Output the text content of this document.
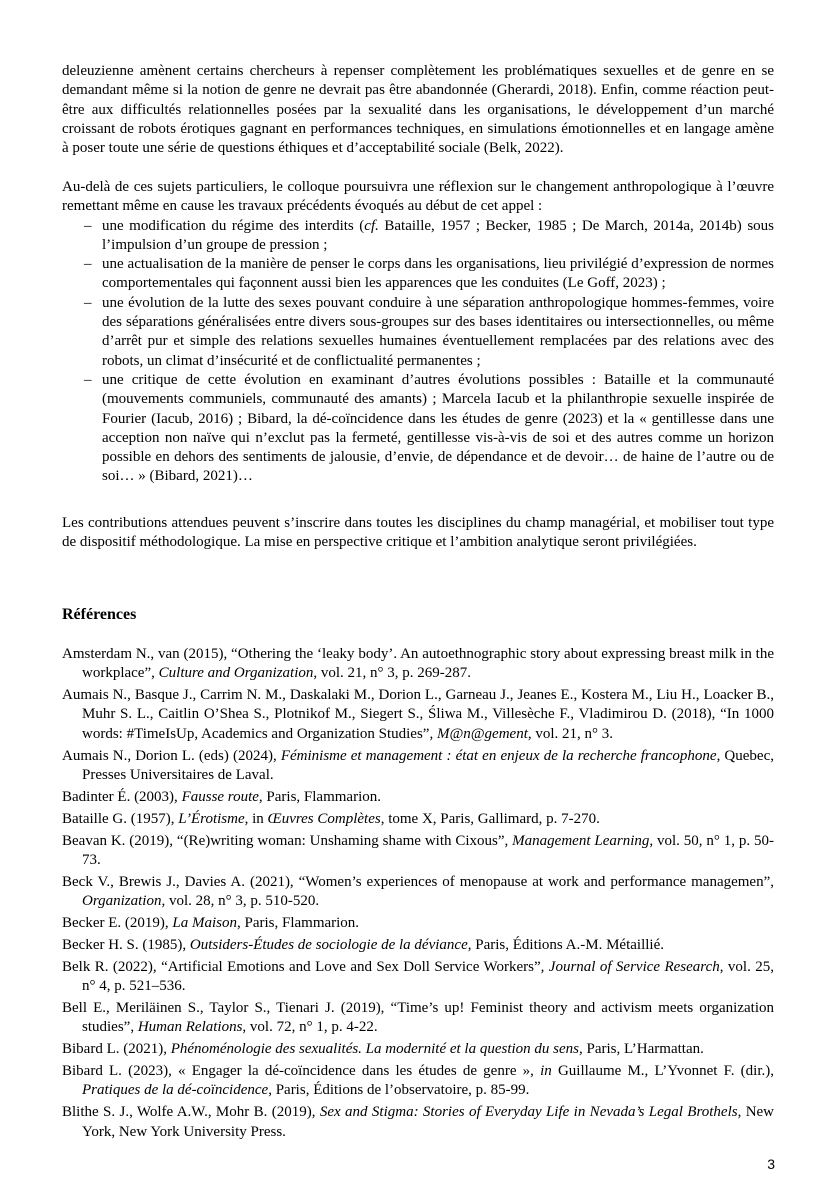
deleuzienne amènent certains chercheurs à repenser complètement les problématiques sexuelles et de genre en se demandant même si la notion de genre ne devrait pas être abandonnée (Gherardi, 2018). Enfin, comme réaction peut-être aux difficultés relationnelles posées par la sexualité dans les organisations, le développement d’un marché croissant de robots érotiques gagnant en performances techniques, en simulations émotionnelles et en langage amène à poser toute une série de questions éthiques et d’acceptabilité sociale (Belk, 2022).

Au-delà de ces sujets particuliers, le colloque poursuivra une réflexion sur le changement anthropologique à l’œuvre remettant même en cause les travaux précédents évoqués au début de cet appel :

– une modification du régime des interdits (cf. Bataille, 1957 ; Becker, 1985 ; De March, 2014a, 2014b) sous l’impulsion d’un groupe de pression ;
– une actualisation de la manière de penser le corps dans les organisations, lieu privilégié d’expression de normes comportementales qui façonnent aussi bien les apparences que les conduites (Le Goff, 2023) ;
– une évolution de la lutte des sexes pouvant conduire à une séparation anthropologique hommes-femmes, voire des séparations généralisées entre divers sous-groupes sur des bases identitaires ou intersectionnelles, ou même d’arrêt pur et simple des relations sexuelles humaines éventuellement remplacées par des relations avec des robots, un climat d’insécurité et de conflictualité permanentes ;
– une critique de cette évolution en examinant d’autres évolutions possibles : Bataille et la communauté (mouvements communiels, communauté des amants) ; Marcela Iacub et la philanthropie sexuelle inspirée de Fourier (Iacub, 2016) ; Bibard, la dé-coïncidence dans les études de genre (2023) et la « gentillesse dans une acception non naïve qui n’exclut pas la fermeté, gentillesse vis-à-vis de soi et des autres comme un horizon possible en dehors des sentiments de jalousie, d’envie, de dépendance et de devoir… de haine de l’autre ou de soi… » (Bibard, 2021)…

Les contributions attendues peuvent s’inscrire dans toutes les disciplines du champ managérial, et mobiliser tout type de dispositif méthodologique. La mise en perspective critique et l’ambition analytique seront privilégiées.

Références
Amsterdam N., van (2015), “Othering the ‘leaky body’. An autoethnographic story about expressing breast milk in the workplace”, Culture and Organization, vol. 21, n° 3, p. 269-287.
Aumais N., Basque J., Carrim N. M., Daskalaki M., Dorion L., Garneau J., Jeanes E., Kostera M., Liu H., Loacker B., Muhr S. L., Caitlin O’Shea S., Plotnikof M., Siegert S., Śliwa M., Villesèche F., Vladimirou D. (2018), “In 1000 words: #TimeIsUp, Academics and Organization Studies”, M@n@gement, vol. 21, n° 3.
Aumais N., Dorion L. (eds) (2024), Féminisme et management : état en enjeux de la recherche francophone, Quebec, Presses Universitaires de Laval.
Badinter É. (2003), Fausse route, Paris, Flammarion.
Bataille G. (1957), L’Érotisme, in Œuvres Complètes, tome X, Paris, Gallimard, p. 7-270.
Beavan K. (2019), “(Re)writing woman: Unshaming shame with Cixous”, Management Learning, vol. 50, n° 1, p. 50-73.
Beck V., Brewis J., Davies A. (2021), “Women’s experiences of menopause at work and performance managemen”, Organization, vol. 28, n° 3, p. 510-520.
Becker E. (2019), La Maison, Paris, Flammarion.
Becker H. S. (1985), Outsiders-Études de sociologie de la déviance, Paris, Éditions A.-M. Métaillié.
Belk R. (2022), “Artificial Emotions and Love and Sex Doll Service Workers”, Journal of Service Research, vol. 25, n° 4, p. 521–536.
Bell E., Meriläinen S., Taylor S., Tienari J. (2019), “Time’s up! Feminist theory and activism meets organization studies”, Human Relations, vol. 72, n° 1, p. 4-22.
Bibard L. (2021), Phénoménologie des sexualités. La modernité et la question du sens, Paris, L’Harmattan.
Bibard L. (2023), « Engager la dé-coïncidence dans les études de genre », in Guillaume M., L’Yvonnet F. (dir.), Pratiques de la dé-coïncidence, Paris, Éditions de l’observatoire, p. 85-99.
Blithe S. J., Wolfe A.W., Mohr B. (2019), Sex and Stigma: Stories of Everyday Life in Nevada’s Legal Brothels, New York, New York University Press.
3
